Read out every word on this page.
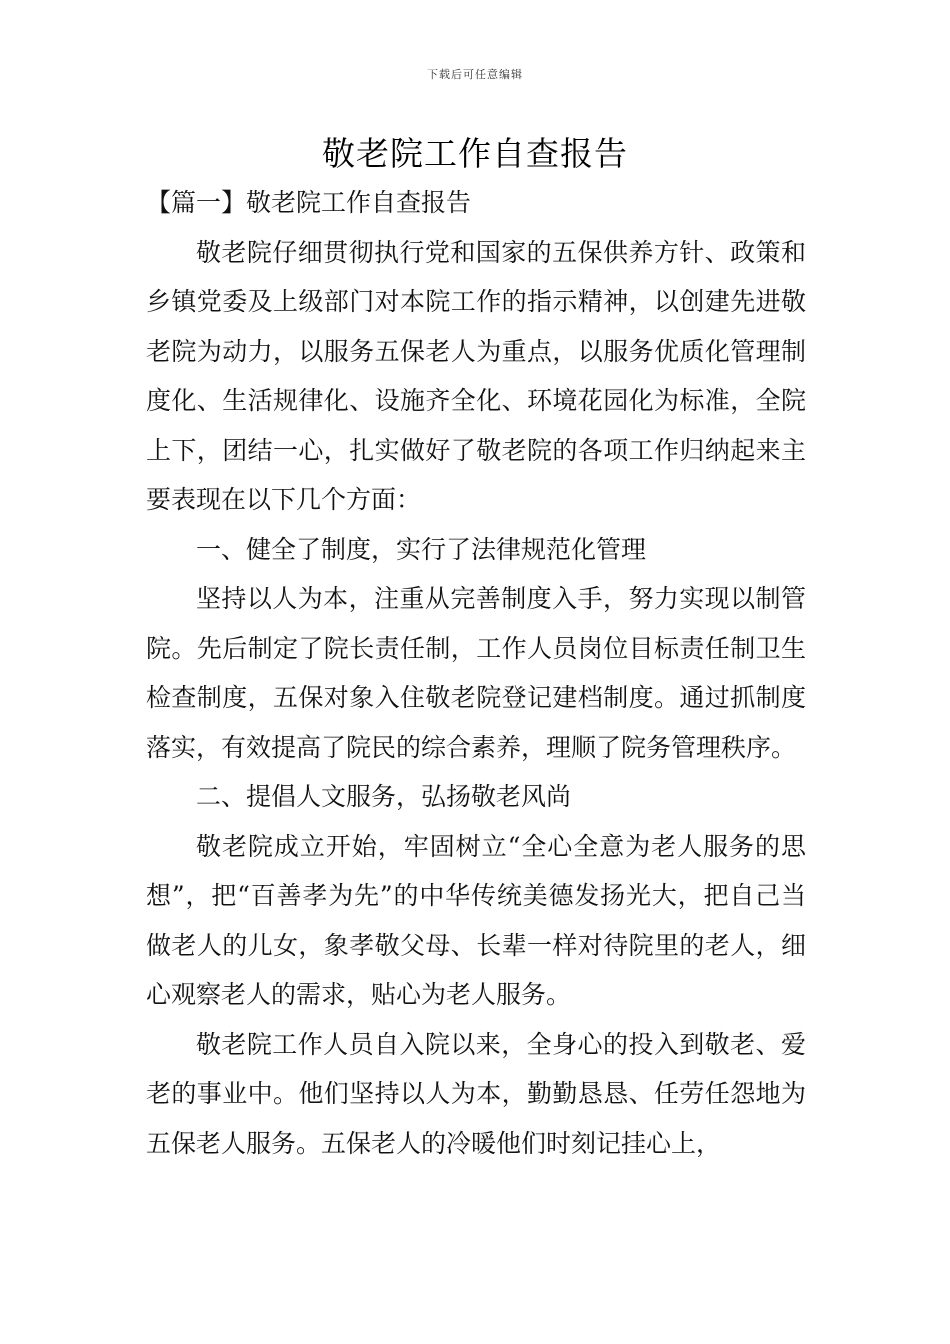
下载后可任意编辑
敬老院工作自查报告

【篇一】敬老院工作自查报告

敬老院仔细贯彻执行党和国家的五保供养方针、政策和乡镇党委及上级部门对本院工作的指示精神，以创建先进敬老院为动力，以服务五保老人为重点，以服务优质化管理制度化、生活规律化、设施齐全化、环境花园化为标准，全院上下，团结一心，扎实做好了敬老院的各项工作归纳起来主要表现在以下几个方面：

一、健全了制度，实行了法律规范化管理

坚持以人为本，注重从完善制度入手，努力实现以制管院。先后制定了院长责任制，工作人员岗位目标责任制卫生检查制度，五保对象入住敬老院登记建档制度。通过抓制度落实，有效提高了院民的综合素养，理顺了院务管理秩序。

二、提倡人文服务，弘扬敬老风尚

敬老院成立开始，牢固树立“全心全意为老人服务的思想”，把“百善孝为先”的中华传统美德发扬光大，把自己当做老人的儿女，象孝敬父母、长辈一样对待院里的老人，细心观察老人的需求，贴心为老人服务。

敬老院工作人员自入院以来，全身心的投入到敬老、爱老的事业中。他们坚持以人为本，勤勤恳恳、任劳任怨地为五保老人服务。五保老人的冷暖他们时刻记挂心上，
